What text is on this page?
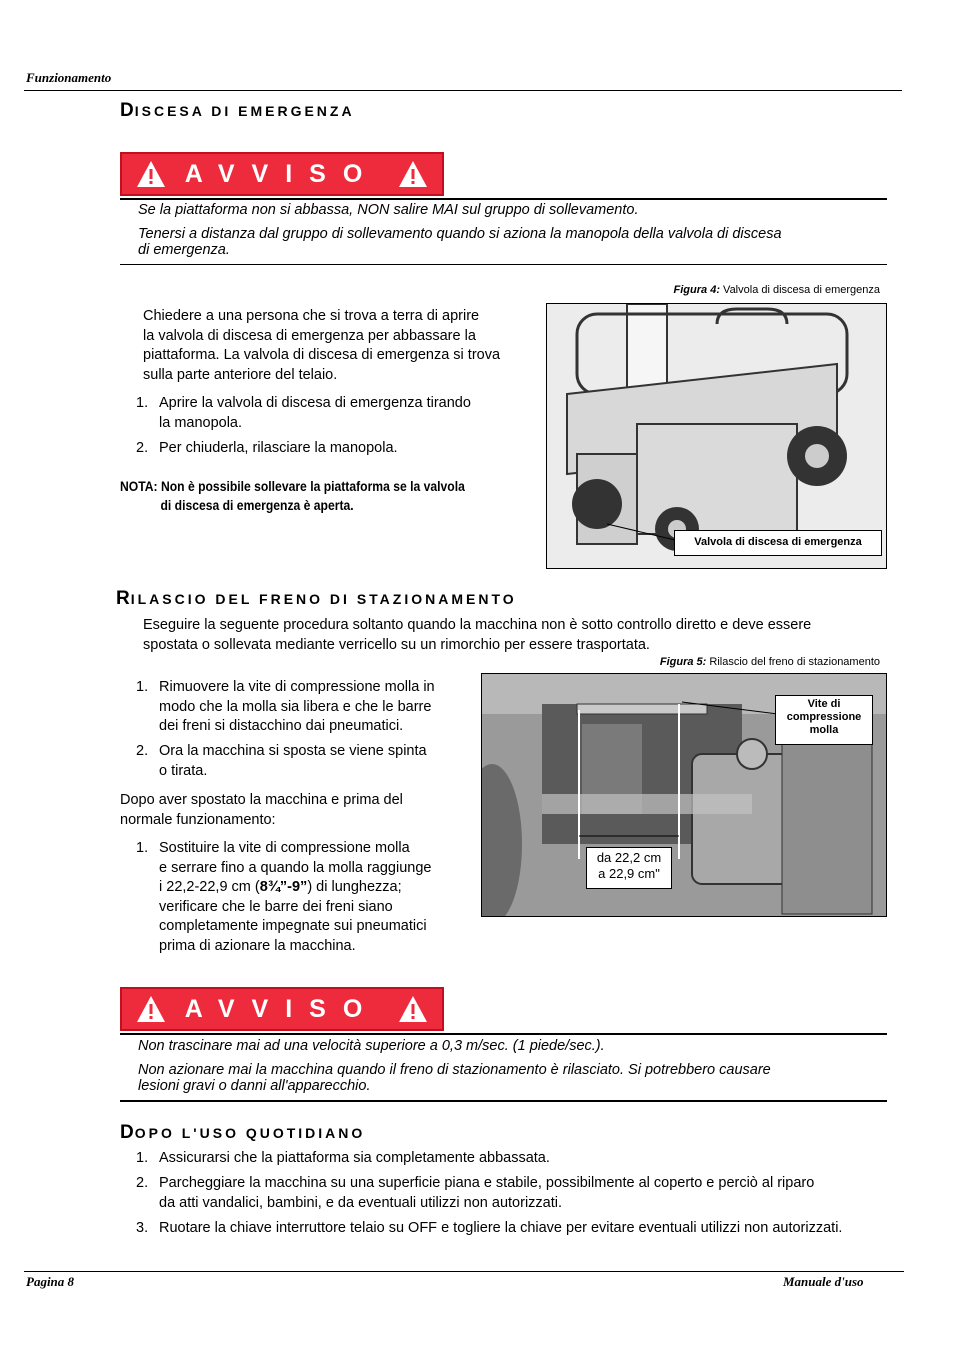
Funzionamento
DISCESA DI EMERGENZA
AVVISO
Se la piattaforma non si abbassa, NON salire MAI sul gruppo di sollevamento.
Tenersi a distanza dal gruppo di sollevamento quando si aziona la manopola della valvola di discesa
di emergenza.
Chiedere a una persona che si trova a terra di aprire
la valvola di discesa di emergenza per abbassare la
piattaforma. La valvola di discesa di emergenza si trova
sulla parte anteriore del telaio.
1. Aprire la valvola di discesa di emergenza tirando
la manopola.
2. Per chiuderla, rilasciare la manopola.
NOTA: Non è possibile sollevare la piattaforma se la valvola
di discesa di emergenza è aperta.
Figura 4: Valvola di discesa di emergenza
Valvola di discesa di emergenza
RILASCIO DEL FRENO DI STAZIONAMENTO
Eseguire la seguente procedura soltanto quando la macchina non è sotto controllo diretto e deve essere
spostata o sollevata mediante verricello su un rimorchio per essere trasportata.
Figura 5: Rilascio del freno di stazionamento
Vite di
compressione
molla
da 22,2 cm
a 22,9 cm"
1. Rimuovere la vite di compressione molla in
modo che la molla sia libera e che le barre
dei freni si distacchino dai pneumatici.
2. Ora la macchina si sposta se viene spinta
o tirata.
Dopo aver spostato la macchina e prima del
normale funzionamento:
1. Sostituire la vite di compressione molla
e serrare fino a quando la molla raggiunge
i 22,2-22,9 cm (8¾”-9”) di lunghezza;
verificare che le barre dei freni siano
completamente impegnate sui pneumatici
prima di azionare la macchina.
AVVISO
Non trascinare mai ad una velocità superiore a 0,3 m/sec. (1 piede/sec.).
Non azionare mai la macchina quando il freno di stazionamento è rilasciato. Si potrebbero causare
lesioni gravi o danni all'apparecchio.
DOPO L'USO QUOTIDIANO
1. Assicurarsi che la piattaforma sia completamente abbassata.
2. Parcheggiare la macchina su una superficie piana e stabile, possibilmente al coperto e perciò al riparo
da atti vandalici, bambini, e da eventuali utilizzi non autorizzati.
3. Ruotare la chiave interruttore telaio su OFF e togliere la chiave per evitare eventuali utilizzi non autorizzati.
Pagina 8	Manuale d'uso
